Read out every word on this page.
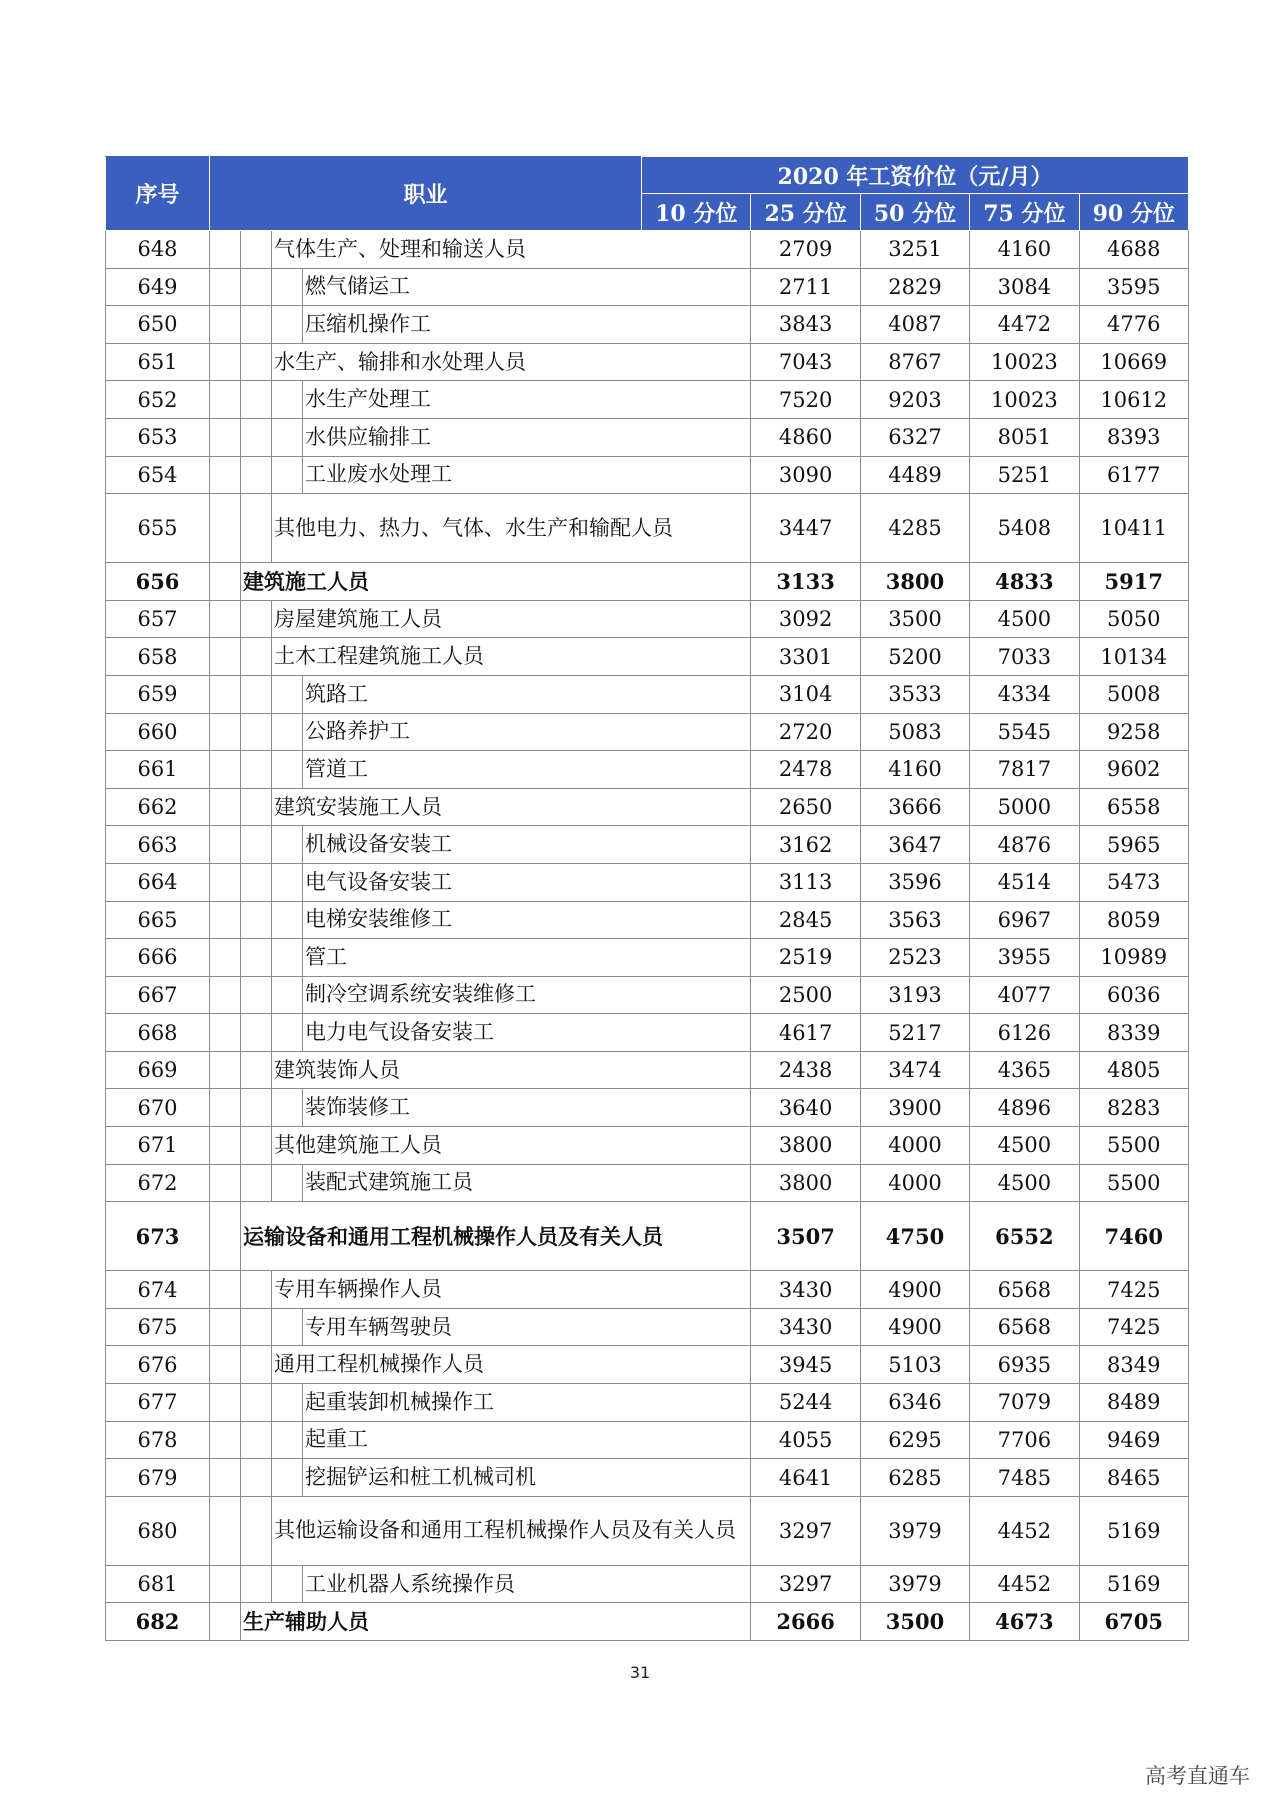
序号	职业				2020 年工资价位（元/月）					
					10 分位	25 分位	50 分位	75 分位	90 分位	
648			气体生产、处理和输送人员			2709	3251	4160	4688	
649				燃气储运工		2711	2829	3084	3595	
650				压缩机操作工		3843	4087	4472	4776	
651			水生产、输排和水处理人员			7043	8767	10023	10669	
652				水生产处理工		7520	9203	10023	10612	
653				水供应输排工		4860	6327	8051	8393	
654				工业废水处理工		3090	4489	5251	6177	
655			其他电力、热力、气体、水生产和输配人员			3447	4285	5408	10411	
656		建筑施工人员				3133	3800	4833	5917	
657			房屋建筑施工人员			3092	3500	4500	5050	
658			土木工程建筑施工人员			3301	5200	7033	10134	
659				筑路工		3104	3533	4334	5008	
660				公路养护工		2720	5083	5545	9258	
661				管道工		2478	4160	7817	9602	
662			建筑安装施工人员			2650	3666	5000	6558	
663				机械设备安装工		3162	3647	4876	5965	
664				电气设备安装工		3113	3596	4514	5473	
665				电梯安装维修工		2845	3563	6967	8059	
666				管工		2519	2523	3955	10989	
667				制冷空调系统安装维修工		2500	3193	4077	6036	
668				电力电气设备安装工		4617	5217	6126	8339	
669			建筑装饰人员			2438	3474	4365	4805	
670				装饰装修工		3640	3900	4896	8283	
671			其他建筑施工人员			3800	4000	4500	5500	
672				装配式建筑施工员		3800	4000	4500	5500	
673		运输设备和通用工程机械操作人员及有关人员				3507	4750	6552	7460	
674			专用车辆操作人员			3430	4900	6568	7425	
675				专用车辆驾驶员		3430	4900	6568	7425	
676			通用工程机械操作人员			3945	5103	6935	8349	
677				起重装卸机械操作工		5244	6346	7079	8489	
678				起重工		4055	6295	7706	9469	
679				挖掘铲运和桩工机械司机		4641	6285	7485	8465	
680			其他运输设备和通用工程机械操作人员及有关人员			3297	3979	4452	5169	
681				工业机器人系统操作员		3297	3979	4452	5169	
682		生产辅助人员				2666	3500	4673	6705	
31
高考直通车
